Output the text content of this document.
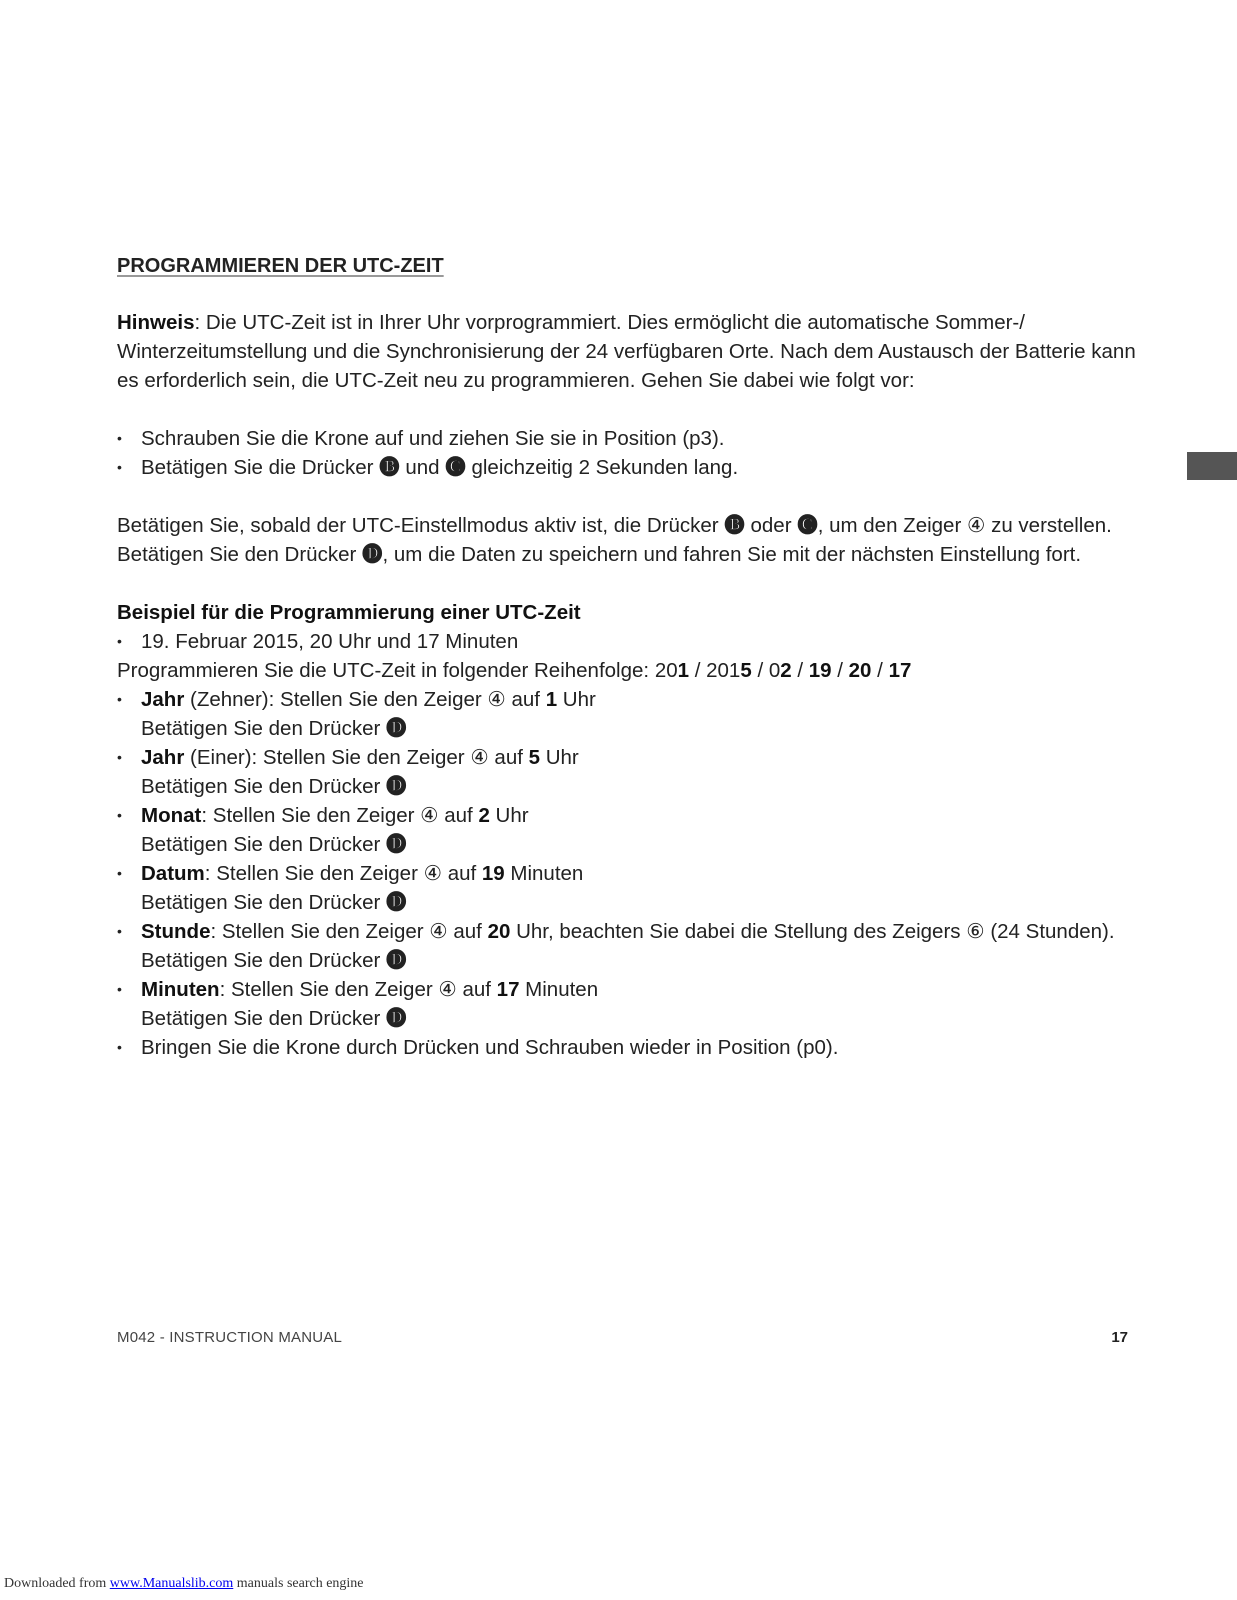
PROGRAMMIEREN DER UTC-ZEIT

Hinweis: Die UTC-Zeit ist in Ihrer Uhr vorprogrammiert. Dies ermöglicht die automatische Sommer-/ Winterzeitumstellung und die Synchronisierung der 24 verfügbaren Orte. Nach dem Austausch der Batterie kann es erforderlich sein, die UTC-Zeit neu zu programmieren. Gehen Sie dabei wie folgt vor:

• Schrauben Sie die Krone auf und ziehen Sie sie in Position (p3).
• Betätigen Sie die Drücker 🅑 und 🅒 gleichzeitig 2 Sekunden lang.

Betätigen Sie, sobald der UTC-Einstellmodus aktiv ist, die Drücker 🅑 oder 🅒, um den Zeiger ④ zu verstellen.
Betätigen Sie den Drücker 🅓, um die Daten zu speichern und fahren Sie mit der nächsten Einstellung fort.

Beispiel für die Programmierung einer UTC-Zeit
• 19. Februar 2015, 20 Uhr und 17 Minuten
Programmieren Sie die UTC-Zeit in folgender Reihenfolge: 201 / 2015 / 02 / 19 / 20 / 17
• Jahr (Zehner): Stellen Sie den Zeiger ④ auf 1 Uhr
Betätigen Sie den Drücker 🅓
• Jahr (Einer): Stellen Sie den Zeiger ④ auf 5 Uhr
Betätigen Sie den Drücker 🅓
• Monat: Stellen Sie den Zeiger ④ auf 2 Uhr
Betätigen Sie den Drücker 🅓
• Datum: Stellen Sie den Zeiger ④ auf 19 Minuten
Betätigen Sie den Drücker 🅓
• Stunde: Stellen Sie den Zeiger ④ auf 20 Uhr, beachten Sie dabei die Stellung des Zeigers ⑥ (24 Stunden).
Betätigen Sie den Drücker 🅓
• Minuten: Stellen Sie den Zeiger ④ auf 17 Minuten
Betätigen Sie den Drücker 🅓
• Bringen Sie die Krone durch Drücken und Schrauben wieder in Position (p0).
M042 - INSTRUCTION MANUAL	17
Downloaded from www.Manualslib.com manuals search engine
